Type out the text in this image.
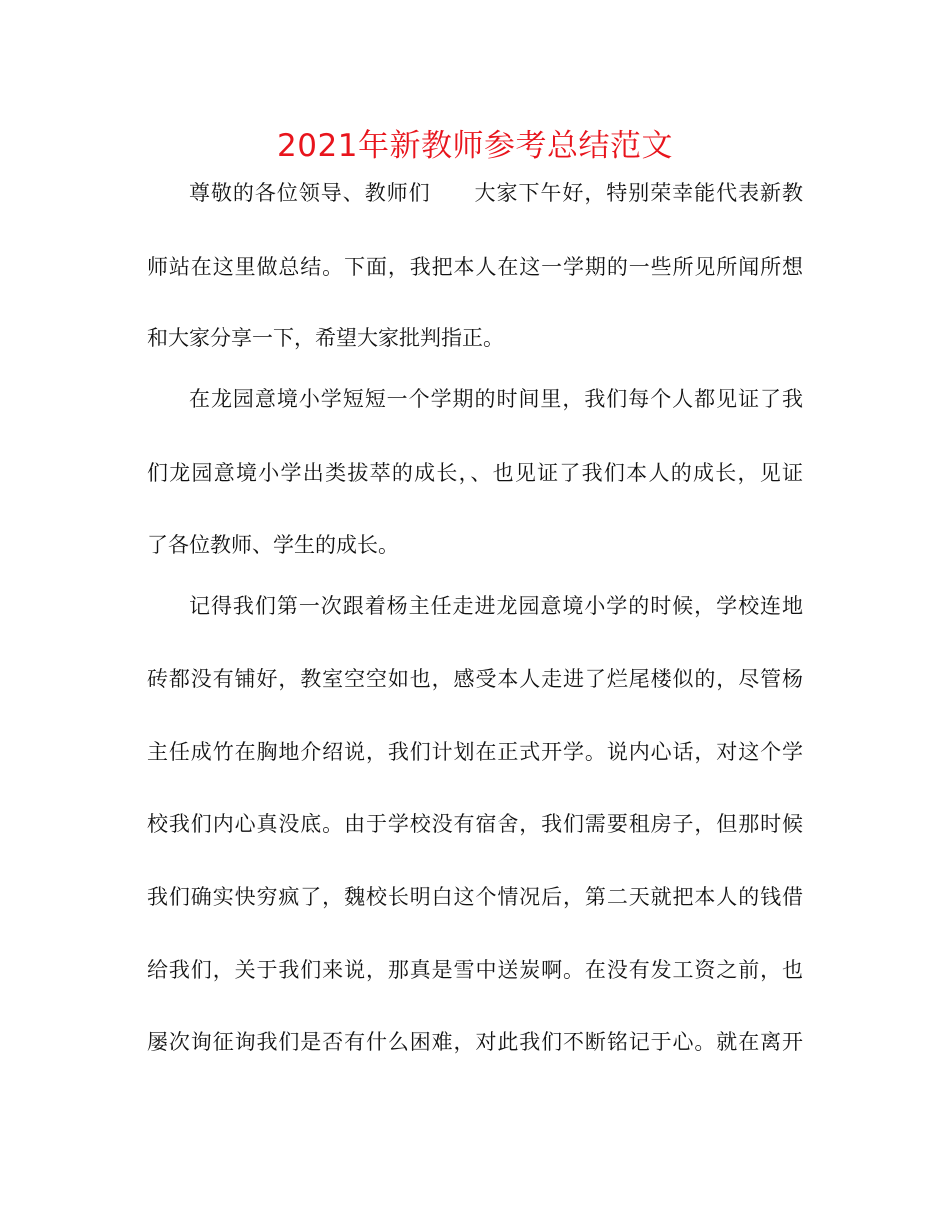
2021年新教师参考总结范文

尊敬的各位领导、教师们　　大家下午好，特别荣幸能代表新教

师站在这里做总结。下面，我把本人在这一学期的一些所见所闻所想

和大家分享一下，希望大家批判指正。

在龙园意境小学短短一个学期的时间里，我们每个人都见证了我

们龙园意境小学出类拔萃的成长，、也见证了我们本人的成长，见证

了各位教师、学生的成长。

记得我们第一次跟着杨主任走进龙园意境小学的时候，学校连地

砖都没有铺好，教室空空如也，感受本人走进了烂尾楼似的，尽管杨

主任成竹在胸地介绍说，我们计划在正式开学。说内心话，对这个学

校我们内心真没底。由于学校没有宿舍，我们需要租房子，但那时候

我们确实快穷疯了，魏校长明白这个情况后，第二天就把本人的钱借

给我们，关于我们来说，那真是雪中送炭啊。在没有发工资之前，也

屡次询征询我们是否有什么困难，对此我们不断铭记于心。就在离开
